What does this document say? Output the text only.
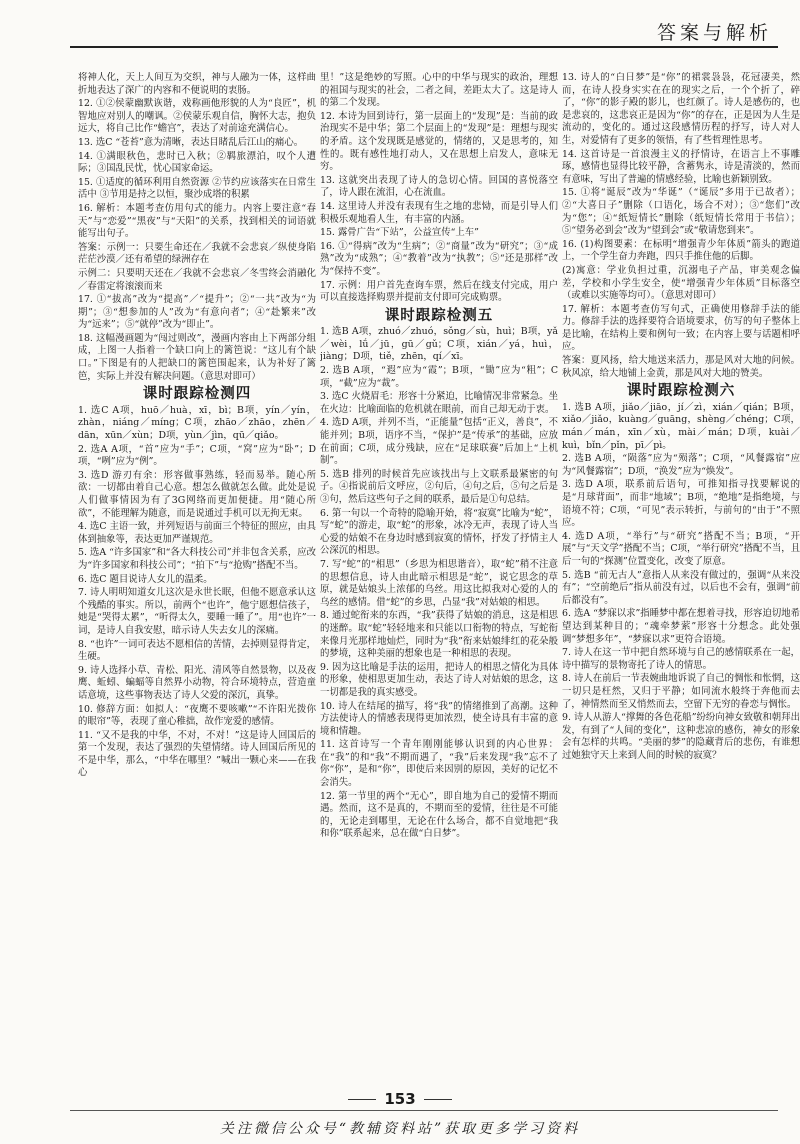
答案与解析

将神人化，天上人间互为交织，神与人融为一体，这样曲折地表达了深广的内容和不便说明的衷肠。

12. ①②侯蒙幽默诙谐，戏称画他形貌的人为“良匠”，机智地应对别人的嘲讽。②侯蒙乐观自信，胸怀大志，抱负远大，将自己比作“蟾宫”，表达了对前途充满信心。

13. 选C “苍苔”意为清晰，表达目睹乱后江山的痛心。

14. ①满眼秋色，悲时已入秋；②羁旅漂泊，叹个人遭际；③国乱民忧，忧心国家命运。

15. ①适度的循环利用自然资源 ②节约应该落实在日常生活中 ③节用是持之以恒，聚沙成塔的积累

16. 解析：本题考查仿用句式的能力。内容上要注意“春天”与“恋爱”“黑夜”与“天阳”的关系，找到相关的词语就能写出句子。

答案：示例一：只要生命还在／我就不会悲哀／纵使身陷茫茫沙漠／还有希望的绿洲存在

示例二：只要明天还在／我就不会悲哀／冬雪终会消融化／春雷定将滚滚而来

17. ①“拔高”改为“提高”／“提升”；②“一共”改为“为期”；③“想参加的人”改为“有意向者”；④“赴繁来”改为“远来”；⑤“就停”改为“即止”。

18. 这幅漫画题为“闯过则改”，漫画内容由上下两部分组成，上图一人指着一个缺口向上的篱笆说：“这儿有个缺口。”下图是有的人把缺口的篱笆围起来，认为补好了篱笆，实际上并没有解决问题。（意思对即可）

课时跟踪检测四

1. 选C A项，huō／huà，xī，bì；B项，yín／yín，zhàn，niáng／míng；C项，zhāo／zhāo，zhēn／dān，xūn／xùn；D项，yùn／jìn，qū／qiǎo。

2. 选A A项，“首”应为“手”；C项，“窝”应为“卧”；D项，“咧”应为“例”。

3. 选D 游刃有余：形容做事熟练，轻而易举。随心所欲：一切都由着自己心意。想怎么做就怎么做。此处是说人们做事情因为有了3G网络而更加便捷。用“随心所欲”，不能理解为随意，而是说通过手机可以无拘无束。

4. 选C 主语一致，并列短语与前面三个特征的照应，由具体到抽象等，表达更加严谨规范。

5. 选A “许多国家”和“各大科技公司”并非包含关系，应改为“许多国家和科技公司”；“拍下”与“抢购”搭配不当。

6. 选C 题目说诗人女儿的温柔。

7. 诗人明明知道女儿这次是永世长眠，但他不愿意承认这个残酷的事实。所以，前两个“也许”，他宁愿想信孩子，她是“哭得太累”，“听得太久，要睡一睡了”。用“也许”一词，是诗人自我安慰，暗示诗人失去女儿的深痛。

8. “也许”一词可表达不愿相信的苦情，去掉则显得肯定，生硬。

9. 诗人选择小草、青松、阳光、清风等自然景物，以及夜鹰、蚯蚓、蝙蝠等自然界小动物，符合环境特点，营造童话意境，这些事物表达了诗人父爱的深沉，真挚。

10. 修辞方面：如拟人：“夜鹰不要咳嗽”“不许阳光拨你的眼帘”等，表现了童心稚拙，故作宠爱的感情。

11. “又不是我的中华，不对，不对！”这是诗人回国后的第一个发现，表达了强烈的失望情绪。诗人回国后所见的不是中华，那么，“中华在哪里？”喊出一颗心来——在我心

里！”这是绝妙的写照。心中的中华与现实的政治，理想的祖国与现实的社会，二者之间，差距太大了。这是诗人的第二个发现。

12. 本诗为回到诗行，第一层面上的“发现”是：当前的政治现实不是中华；第二个层面上的“发现”是：理想与现实的矛盾。这个发现既是感觉的，情绪的，又是思考的，知性的。既有感性地打动人，又在思想上启发人，意味无穷。

13. 这就突出表现了诗人的急切心情。回国的喜悦落空了，诗人跟在流泪，心在流血。

14. 这里诗人并没有表现有生之地的悲恸，而是引导人们积极乐观地看人生，有丰富的内涵。

15. 露骨广告“下站”，公益宣传“上车”

16. ①“得病”改为“生病”；②“商量”改为“研究”；③“成熟”改为“成熟”；④“教着”改为“执教”；⑤“还是那样”改为“保持不变”。

17. 示例：用户首先查询车票，然后在线支付完成，用户可以直接选择购票并提前支付即可完成购票。

课时跟踪检测五

1. 选B A项，zhuó／zhuó，sǒng／sù，huì；B项，yǎ／wèi，lǘ／jū，gū／gǔ；C项，xián／yá，huì，jiàng；D项，tiě，zhēn，qí／xī。

2. 选B A项，“遐”应为“霞”；B项，“锄”应为“粗”；C项，“截”应为“裁”。

3. 选C 火烧眉毛：形容十分紧迫，比喻情况非常紧急。坐在火边：比喻面临的危机就在眼前，而自己却无动于衷。

4. 选D A项，并列不当，“正能量”包括“正义，善良”，不能并列；B项，语序不当，“保护”是“传承”的基础，应放在前面；C项，成分残缺，应在“足球联赛”后加上“上机制”。

5. 选B 排列的时候首先应该找出与上文联系最紧密的句子。④指说前后文呼应，②句后，④句之后，⑤句之后是③句，然后这些句子之间的联系，最后是①句总结。

6. 第一句以一个奇特的隐喻开始，将“寂寞”比喻为“蛇”，写“蛇”的游走，取“蛇”的形象，冰冷无声，表现了诗人当心爱的姑娘不在身边时感到寂寞的情怀，抒发了抒情主人公深沉的相思。

7. 写“蛇”的“相思”（乡思为相思谐音），取“蛇”稍不注意的思想信息，诗人由此暗示相思是“蛇”，说它思念的草原，就是姑娘头上浓郁的乌丝。用这比拟我对心爱的人的乌丝的感情。借“蛇”的乡思，凸显“我”对姑娘的相思。

8. 通过蛇衔来的东西，“我”获得了姑娘的消息，这是相思的迷醉。取“蛇”轻轻地来和只能以口衔物的特点，写蛇衔来像月光那样地灿烂，同时为“我”衔来姑娘绯红的花朵般的梦境，这种美丽的想象也是一种相思的表现。

9. 因为这比喻是手法的运用，把诗人的相思之情化为具体的形象，使相思更加生动，表达了诗人对姑娘的思念，这一切都是我的真实感受。

10. 诗人在结尾的描写，将“我”的情绪推到了高潮。这种方法使诗人的情感表现得更加浓烈，使全诗具有丰富的意境和情趣。

11. 这首诗写一个青年刚刚能够认识到的内心世界：在“我”的和“我”不期而遇了，“我”后来发现“我”忘不了你“你”，是和“你”，即使后来因别的原因，美好的记忆不会消失。

12. 第一节里的两个“无心”，即自地为自己的爱情不期而遇。然而，这不是真的，不期而至的爱情，往往是不可能的，无论走到哪里，无论在什么场合，都不自觉地把“我和你”联系起来，总在做“白日梦”。

13. 诗人的“白日梦”是“你”的裙裳袅袅，花冠凄美，然而，在诗人投身实实在在的现实之后，一个个折了，碎了，“你”的影子殿的影儿，也红颜了。诗人是感伤的，也是悲哀的，这悲哀正是因为“你”的存在，正是因为人生是流动的，变化的。通过这段感情历程的抒写，诗人对人生，对爱情有了更多的领悟，有了些哲理性思考。

14. 这首诗是一首浪漫主义的抒情诗，在语言上不事雕琢，感情也显得比较平静，含蓄隽永，诗是清淡的，然而有意味，写出了普遍的情感经验，比喻也新颖别致。

15. ①将“诞辰”改为“华诞”（“诞辰”多用于已故者）；②“大喜日子”删除（口语化，场合不对）；③“您们”改为“您”；④“纸短情长”删除（纸短情长常用于书信）；⑤“望务必到会”改为“望到会”或“敬请您到来”。

16. (1)构图要素：在标明“增强青少年体质”箭头的跑道上，一个学生奋力奔跑，四只手推住他的后脚。

(2)寓意：学业负担过重，沉溺电子产品，审美观念偏差，学校和小学生安全，使“增强青少年体质”目标落空（或难以实施等均可）。（意思对即可）

17. 解析：本题考查仿写句式，正确使用修辞手法的能力。修辞手法的选择要符合语境要求，仿写的句子整体上是比喻，在结构上要和例句一致；在内容上要与话题相呼应。

答案：夏风扬，给大地送来活力，那是风对大地的问候。秋风凉，给大地铺上金黄，那是风对大地的赞美。

课时跟踪检测六

1. 选B A项，jiǎo／jiāo，jí／zì，xián／qián；B项，xiǎo／jiǎo，kuàng／guāng，shèng／chéng；C项，mán／mán，xīn／xù，mài／mán；D项，kuài／kuì，bǐn／pǐn，pī／pì。

2. 选B A项，“陨落”应为“殒落”；C项，“风餐露宿”应为“风餐露宿”；D项，“涣发”应为“焕发”。

3. 选D A项，联系前后语句，可推知指寻找要解说的是“月球背面”，而非“地域”；B项，“绝地”是指绝境，与语境不符；C项，“可见”表示转折，与前句的“由于”不照应。

4. 选D A项，“举行”与“研究”搭配不当；B项，“开展”与“天文学”搭配不当；C项，“举行研究”搭配不当，且后一句的“探测”位置变化，改变了原意。

5. 选B “前无古人”意指人从来没有做过的，强调“从来没有”；“空前绝后”指从前没有过，以后也不会有，强调“前后都没有”。

6. 选A “梦寐以求”指睡梦中都在想着寻找，形容迫切地希望达到某种目的；“魂牵梦萦”形容十分想念。此处强调“梦想多年”，“梦寐以求”更符合语境。

7. 诗人在这一节中把自然环境与自己的感情联系在一起，诗中描写的景物寄托了诗人的情思。

8. 诗人在前后一节表婉曲地诉说了自己的惆怅和怅惘，这一切只是枉然，又归于平静；如同流水般终于奔他而去了，神情然而至又悄然而去，空留下无穷的眷恋与惆怅。

9. 诗人从游人“撑舞的各色花船”纷纷向神女致敬和朝拜出发，有到了“人间的变化”，这种悲凉的感伤，神女的形象会有怎样的共鸣。“美丽的梦”的隐藏背后的悲伤，有谁想过她独守天上来到人间的时候的寂寞？

153
关注微信公众号“教辅资料站”获取更多学习资料
